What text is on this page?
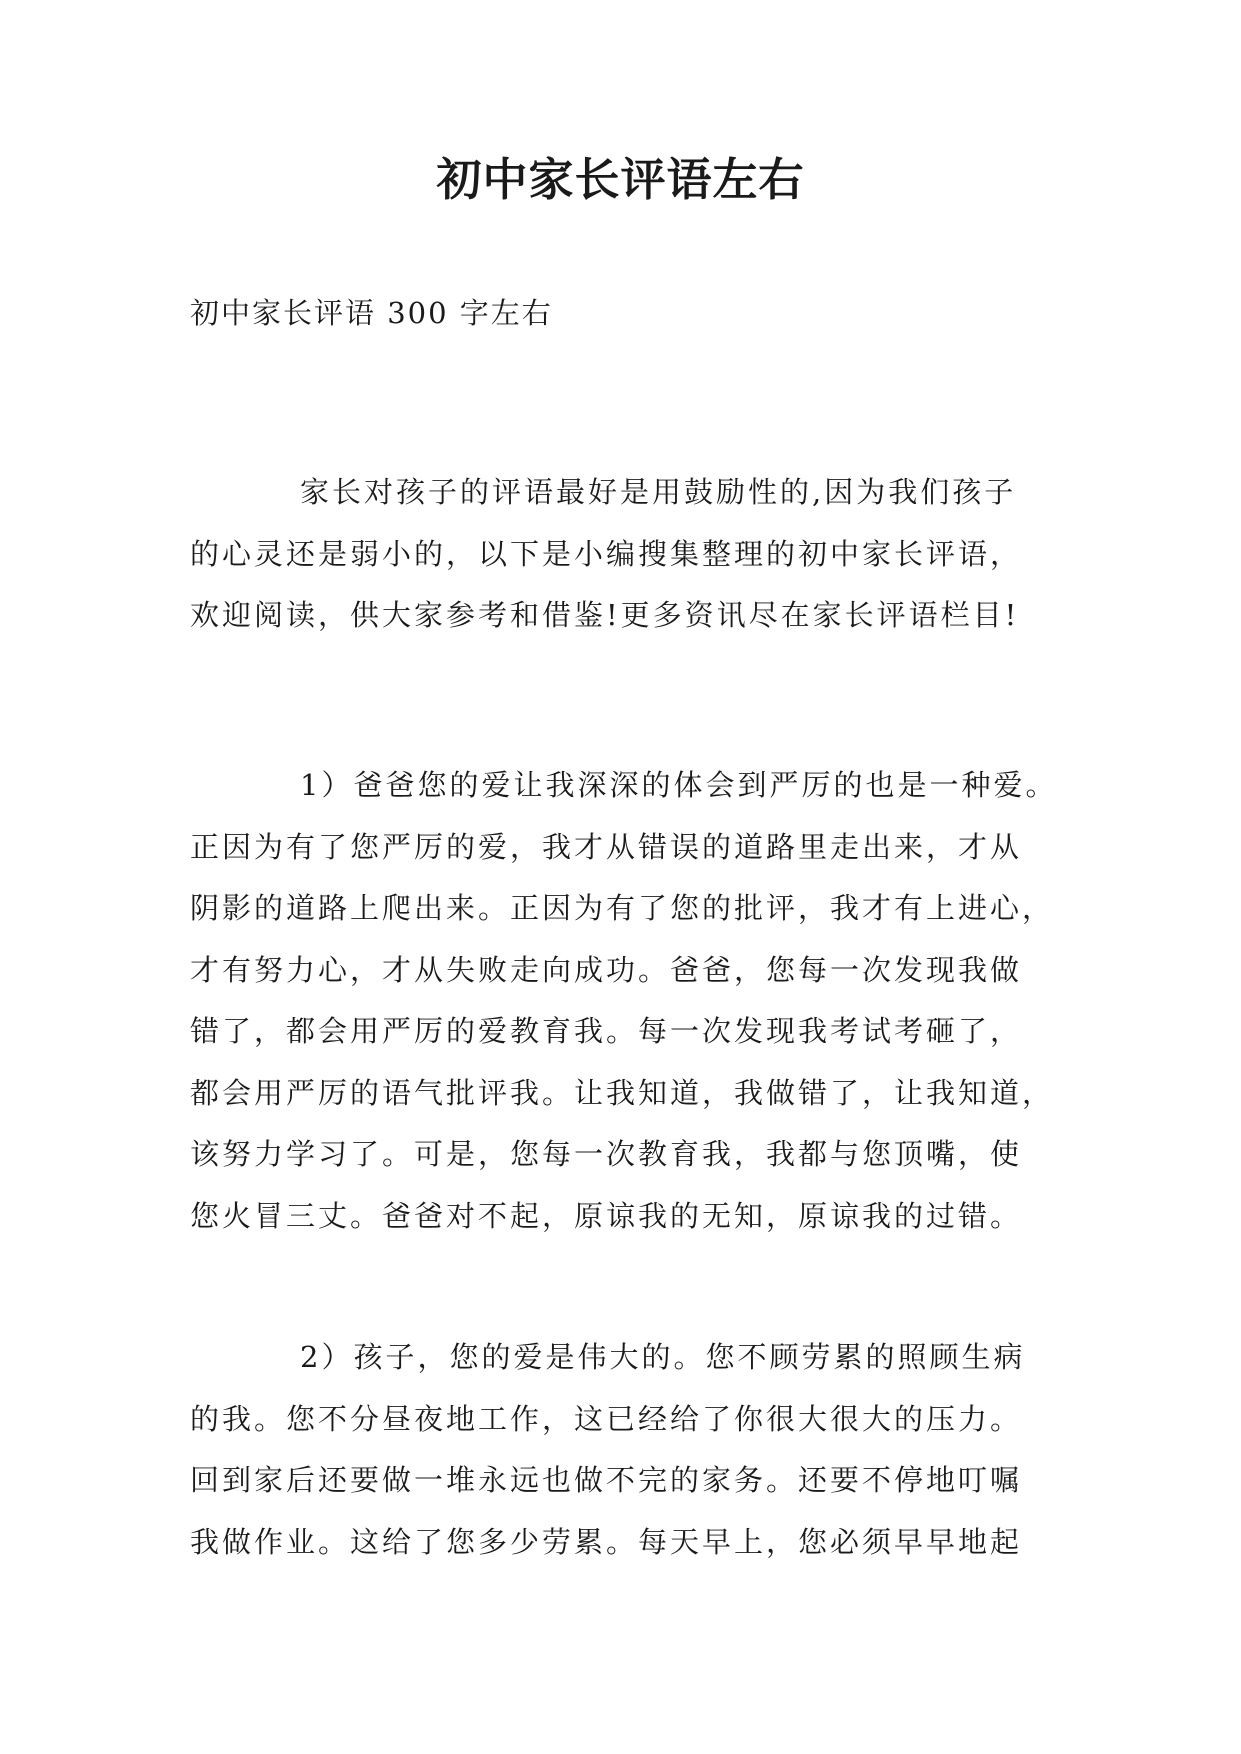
初中家长评语左右
初中家长评语 300 字左右
家长对孩子的评语最好是用鼓励性的,因为我们孩子
的心灵还是弱小的，以下是小编搜集整理的初中家长评语，
欢迎阅读，供大家参考和借鉴!更多资讯尽在家长评语栏目!
1）爸爸您的爱让我深深的体会到严厉的也是一种爱。
正因为有了您严厉的爱，我才从错误的道路里走出来，才从
阴影的道路上爬出来。正因为有了您的批评，我才有上进心，
才有努力心，才从失败走向成功。爸爸，您每一次发现我做
错了，都会用严厉的爱教育我。每一次发现我考试考砸了，
都会用严厉的语气批评我。让我知道，我做错了，让我知道，
该努力学习了。可是，您每一次教育我，我都与您顶嘴，使
您火冒三丈。爸爸对不起，原谅我的无知，原谅我的过错。
2）孩子，您的爱是伟大的。您不顾劳累的照顾生病
的我。您不分昼夜地工作，这已经给了你很大很大的压力。
回到家后还要做一堆永远也做不完的家务。还要不停地叮嘱
我做作业。这给了您多少劳累。每天早上，您必须早早地起
